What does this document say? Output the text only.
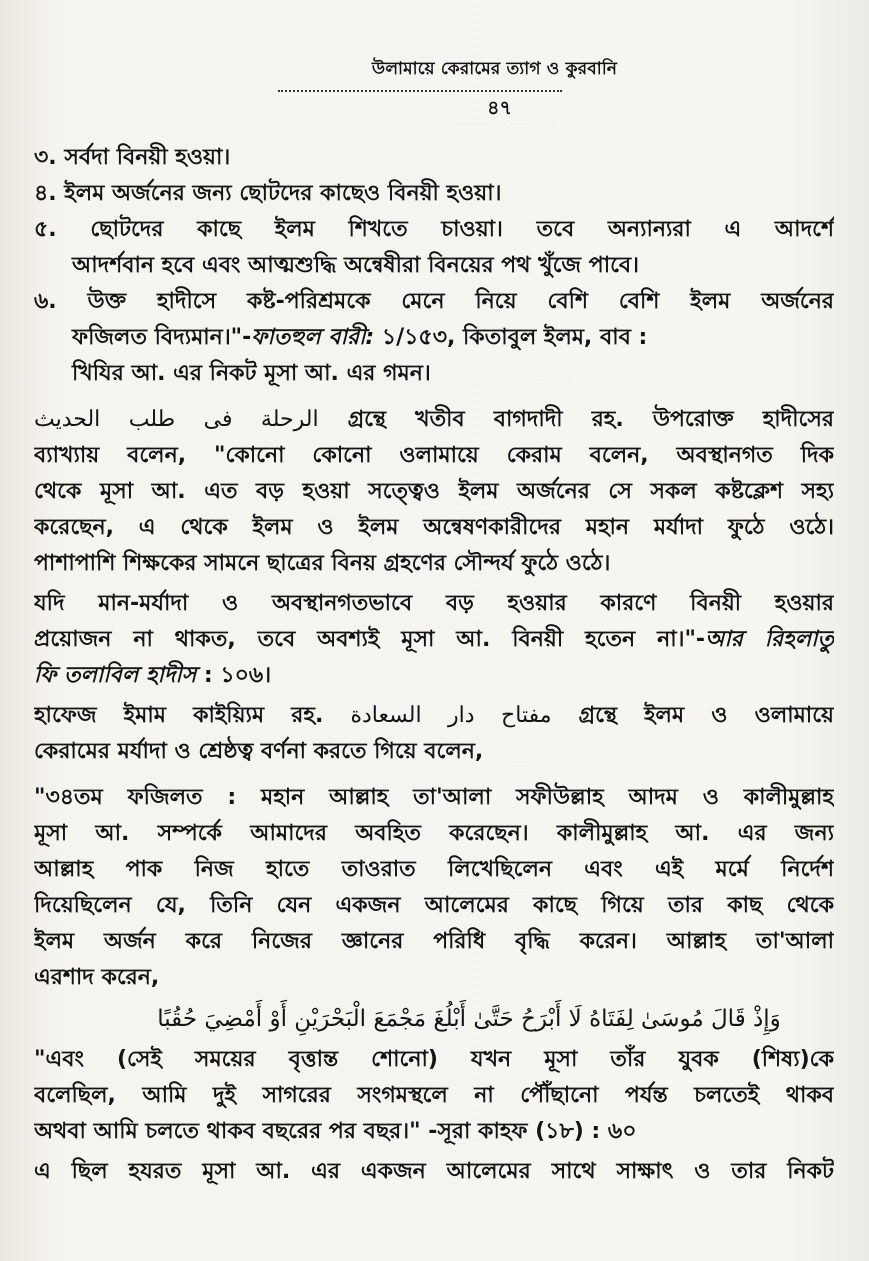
উলামায়ে কেরামের ত্যাগ ও কুরবানি
৪৭
৩. সর্বদা বিনয়ী হওয়া।
৪. ইলম অর্জনের জন্য ছোটদের কাছেও বিনয়ী হওয়া।
৫. ছোটদের কাছে ইলম শিখতে চাওয়া। তবে অন্যান্যরা এ আদর্শে
আদর্শবান হবে এবং আত্মশুদ্ধি অন্বেষীরা বিনয়ের পথ খুঁজে পাবে।
৬. উক্ত হাদীসে কষ্ট-পরিশ্রমকে মেনে নিয়ে বেশি বেশি ইলম অর্জনের
ফজিলত বিদ্যমান।"-ফাতহুল বারী: ১/১৫৩, কিতাবুল ইলম, বাব :
খিযির আ. এর নিকট মূসা আ. এর গমন।
الرحلة فى طلب الحديث গ্রন্থে খতীব বাগদাদী রহ. উপরোক্ত হাদীসের
ব্যাখ্যায় বলেন, "কোনো কোনো ওলামায়ে কেরাম বলেন, অবস্থানগত দিক
থেকে মূসা আ. এত বড় হওয়া সত্ত্বেও ইলম অর্জনের সে সকল কষ্টক্লেশ সহ্য
করেছেন, এ থেকে ইলম ও ইলম অন্বেষণকারীদের মহান মর্যাদা ফুঠে ওঠে।
পাশাপাশি শিক্ষকের সামনে ছাত্রের বিনয় গ্রহণের সৌন্দর্য ফুঠে ওঠে।
যদি মান-মর্যাদা ও অবস্থানগতভাবে বড় হওয়ার কারণে বিনয়ী হওয়ার
প্রয়োজন না থাকত, তবে অবশ্যই মূসা আ. বিনয়ী হতেন না।"-আর রিহলাতু
ফি তলাবিল হাদীস : ১০৬।
হাফেজ ইমাম কাইয়্যিম রহ. مفتاح دار السعادة গ্রন্থে ইলম ও ওলামায়ে
কেরামের মর্যাদা ও শ্রেষ্ঠত্ব বর্ণনা করতে গিয়ে বলেন,
"৩৪তম ফজিলত : মহান আল্লাহ তা'আলা সফীউল্লাহ আদম ও কালীমুল্লাহ
মূসা আ. সম্পর্কে আমাদের অবহিত করেছেন। কালীমুল্লাহ আ. এর জন্য
আল্লাহ পাক নিজ হাতে তাওরাত লিখেছিলেন এবং এই মর্মে নির্দেশ
দিয়েছিলেন যে, তিনি যেন একজন আলেমের কাছে গিয়ে তার কাছ থেকে
ইলম অর্জন করে নিজের জ্ঞানের পরিধি বৃদ্ধি করেন। আল্লাহ তা'আলা
এরশাদ করেন,
وَإِذْ قَالَ مُوسَىٰ لِفَتَاهُ لَا أَبْرَحُ حَتَّىٰ أَبْلُغَ مَجْمَعَ الْبَحْرَيْنِ أَوْ أَمْضِيَ حُقُبًا
"এবং (সেই সময়ের বৃত্তান্ত শোনো) যখন মূসা তাঁর যুবক (শিষ্য)কে
বলেছিল, আমি দুই সাগরের সংগমস্থলে না পৌঁছানো পর্যন্ত চলতেই থাকব
অথবা আমি চলতে থাকব বছরের পর বছর।" -সূরা কাহফ (১৮) : ৬০
এ ছিল হযরত মূসা আ. এর একজন আলেমের সাথে সাক্ষাৎ ও তার নিকট
